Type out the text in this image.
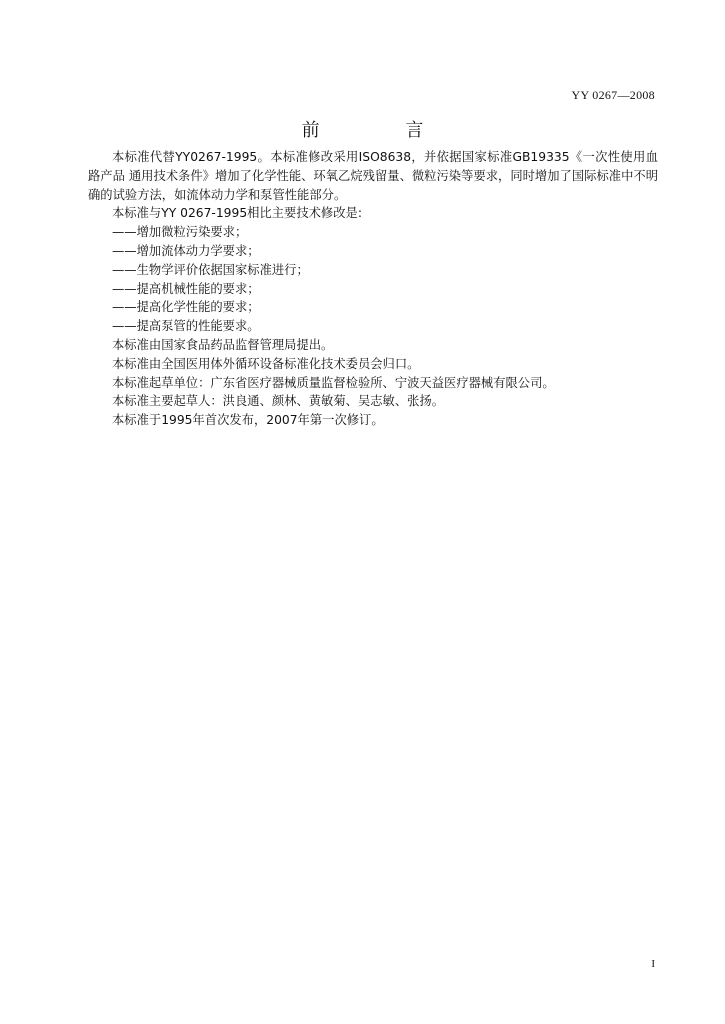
YY 0267—2008
前 言

本标准代替YY0267-1995。本标准修改采用ISO8638，并依据国家标准GB19335《一次性使用血路产品 通用技术条件》增加了化学性能、环氧乙烷残留量、微粒污染等要求，同时增加了国际标准中不明确的试验方法，如流体动力学和泵管性能部分。

本标准与YY 0267-1995相比主要技术修改是:

——增加微粒污染要求；

——增加流体动力学要求；

——生物学评价依据国家标准进行；

——提高机械性能的要求；

——提高化学性能的要求；

——提高泵管的性能要求。

本标准由国家食品药品监督管理局提出。

本标准由全国医用体外循环设备标准化技术委员会归口。

本标准起草单位：广东省医疗器械质量监督检验所、宁波天益医疗器械有限公司。

本标准主要起草人：洪良通、颜林、黄敏菊、吴志敏、张扬。

本标准于1995年首次发布，2007年第一次修订。

I
